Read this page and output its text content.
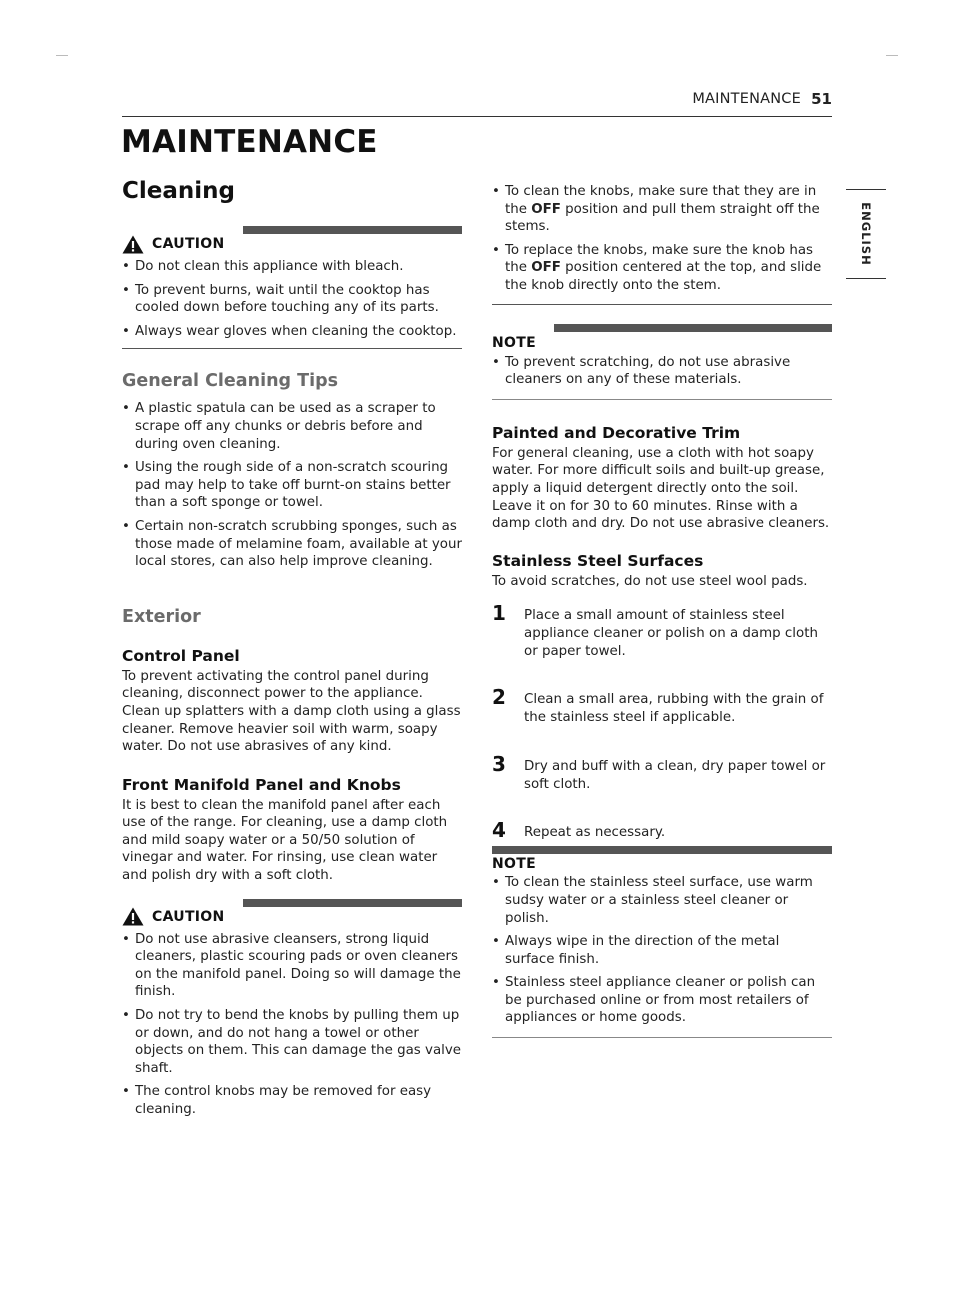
MAINTENANCE 51
ENGLISH
MAINTENANCE
Cleaning
CAUTION
• Do not clean this appliance with bleach.
• To prevent burns, wait until the cooktop has cooled down before touching any of its parts.
• Always wear gloves when cleaning the cooktop.
General Cleaning Tips
• A plastic spatula can be used as a scraper to scrape off any chunks or debris before and during oven cleaning.
• Using the rough side of a non-scratch scouring pad may help to take off burnt-on stains better than a soft sponge or towel.
• Certain non-scratch scrubbing sponges, such as those made of melamine foam, available at your local stores, can also help improve cleaning.
Exterior
Control Panel

To prevent activating the control panel during cleaning, disconnect power to the appliance. Clean up splatters with a damp cloth using a glass cleaner. Remove heavier soil with warm, soapy water. Do not use abrasives of any kind.

Front Manifold Panel and Knobs

It is best to clean the manifold panel after each use of the range. For cleaning, use a damp cloth and mild soapy water or a 50/50 solution of vinegar and water. For rinsing, use clean water and polish dry with a soft cloth.

CAUTION
• Do not use abrasive cleansers, strong liquid cleaners, plastic scouring pads or oven cleaners on the manifold panel. Doing so will damage the finish.
• Do not try to bend the knobs by pulling them up or down, and do not hang a towel or other objects on them. This can damage the gas valve shaft.
• The control knobs may be removed for easy cleaning.
• To clean the knobs, make sure that they are in the OFF position and pull them straight off the stems.
• To replace the knobs, make sure the knob has the OFF position centered at the top, and slide the knob directly onto the stem.
NOTE
• To prevent scratching, do not use abrasive cleaners on any of these materials.
Painted and Decorative Trim

For general cleaning, use a cloth with hot soapy water. For more difficult soils and built-up grease, apply a liquid detergent directly onto the soil. Leave it on for 30 to 60 minutes. Rinse with a damp cloth and dry. Do not use abrasive cleaners.

Stainless Steel Surfaces

To avoid scratches, do not use steel wool pads.

1	Place a small amount of stainless steel appliance cleaner or polish on a damp cloth or paper towel.
2	Clean a small area, rubbing with the grain of the stainless steel if applicable.
3	Dry and buff with a clean, dry paper towel or soft cloth.
4	Repeat as necessary.
NOTE
• To clean the stainless steel surface, use warm sudsy water or a stainless steel cleaner or polish.
• Always wipe in the direction of the metal surface finish.
• Stainless steel appliance cleaner or polish can be purchased online or from most retailers of appliances or home goods.
